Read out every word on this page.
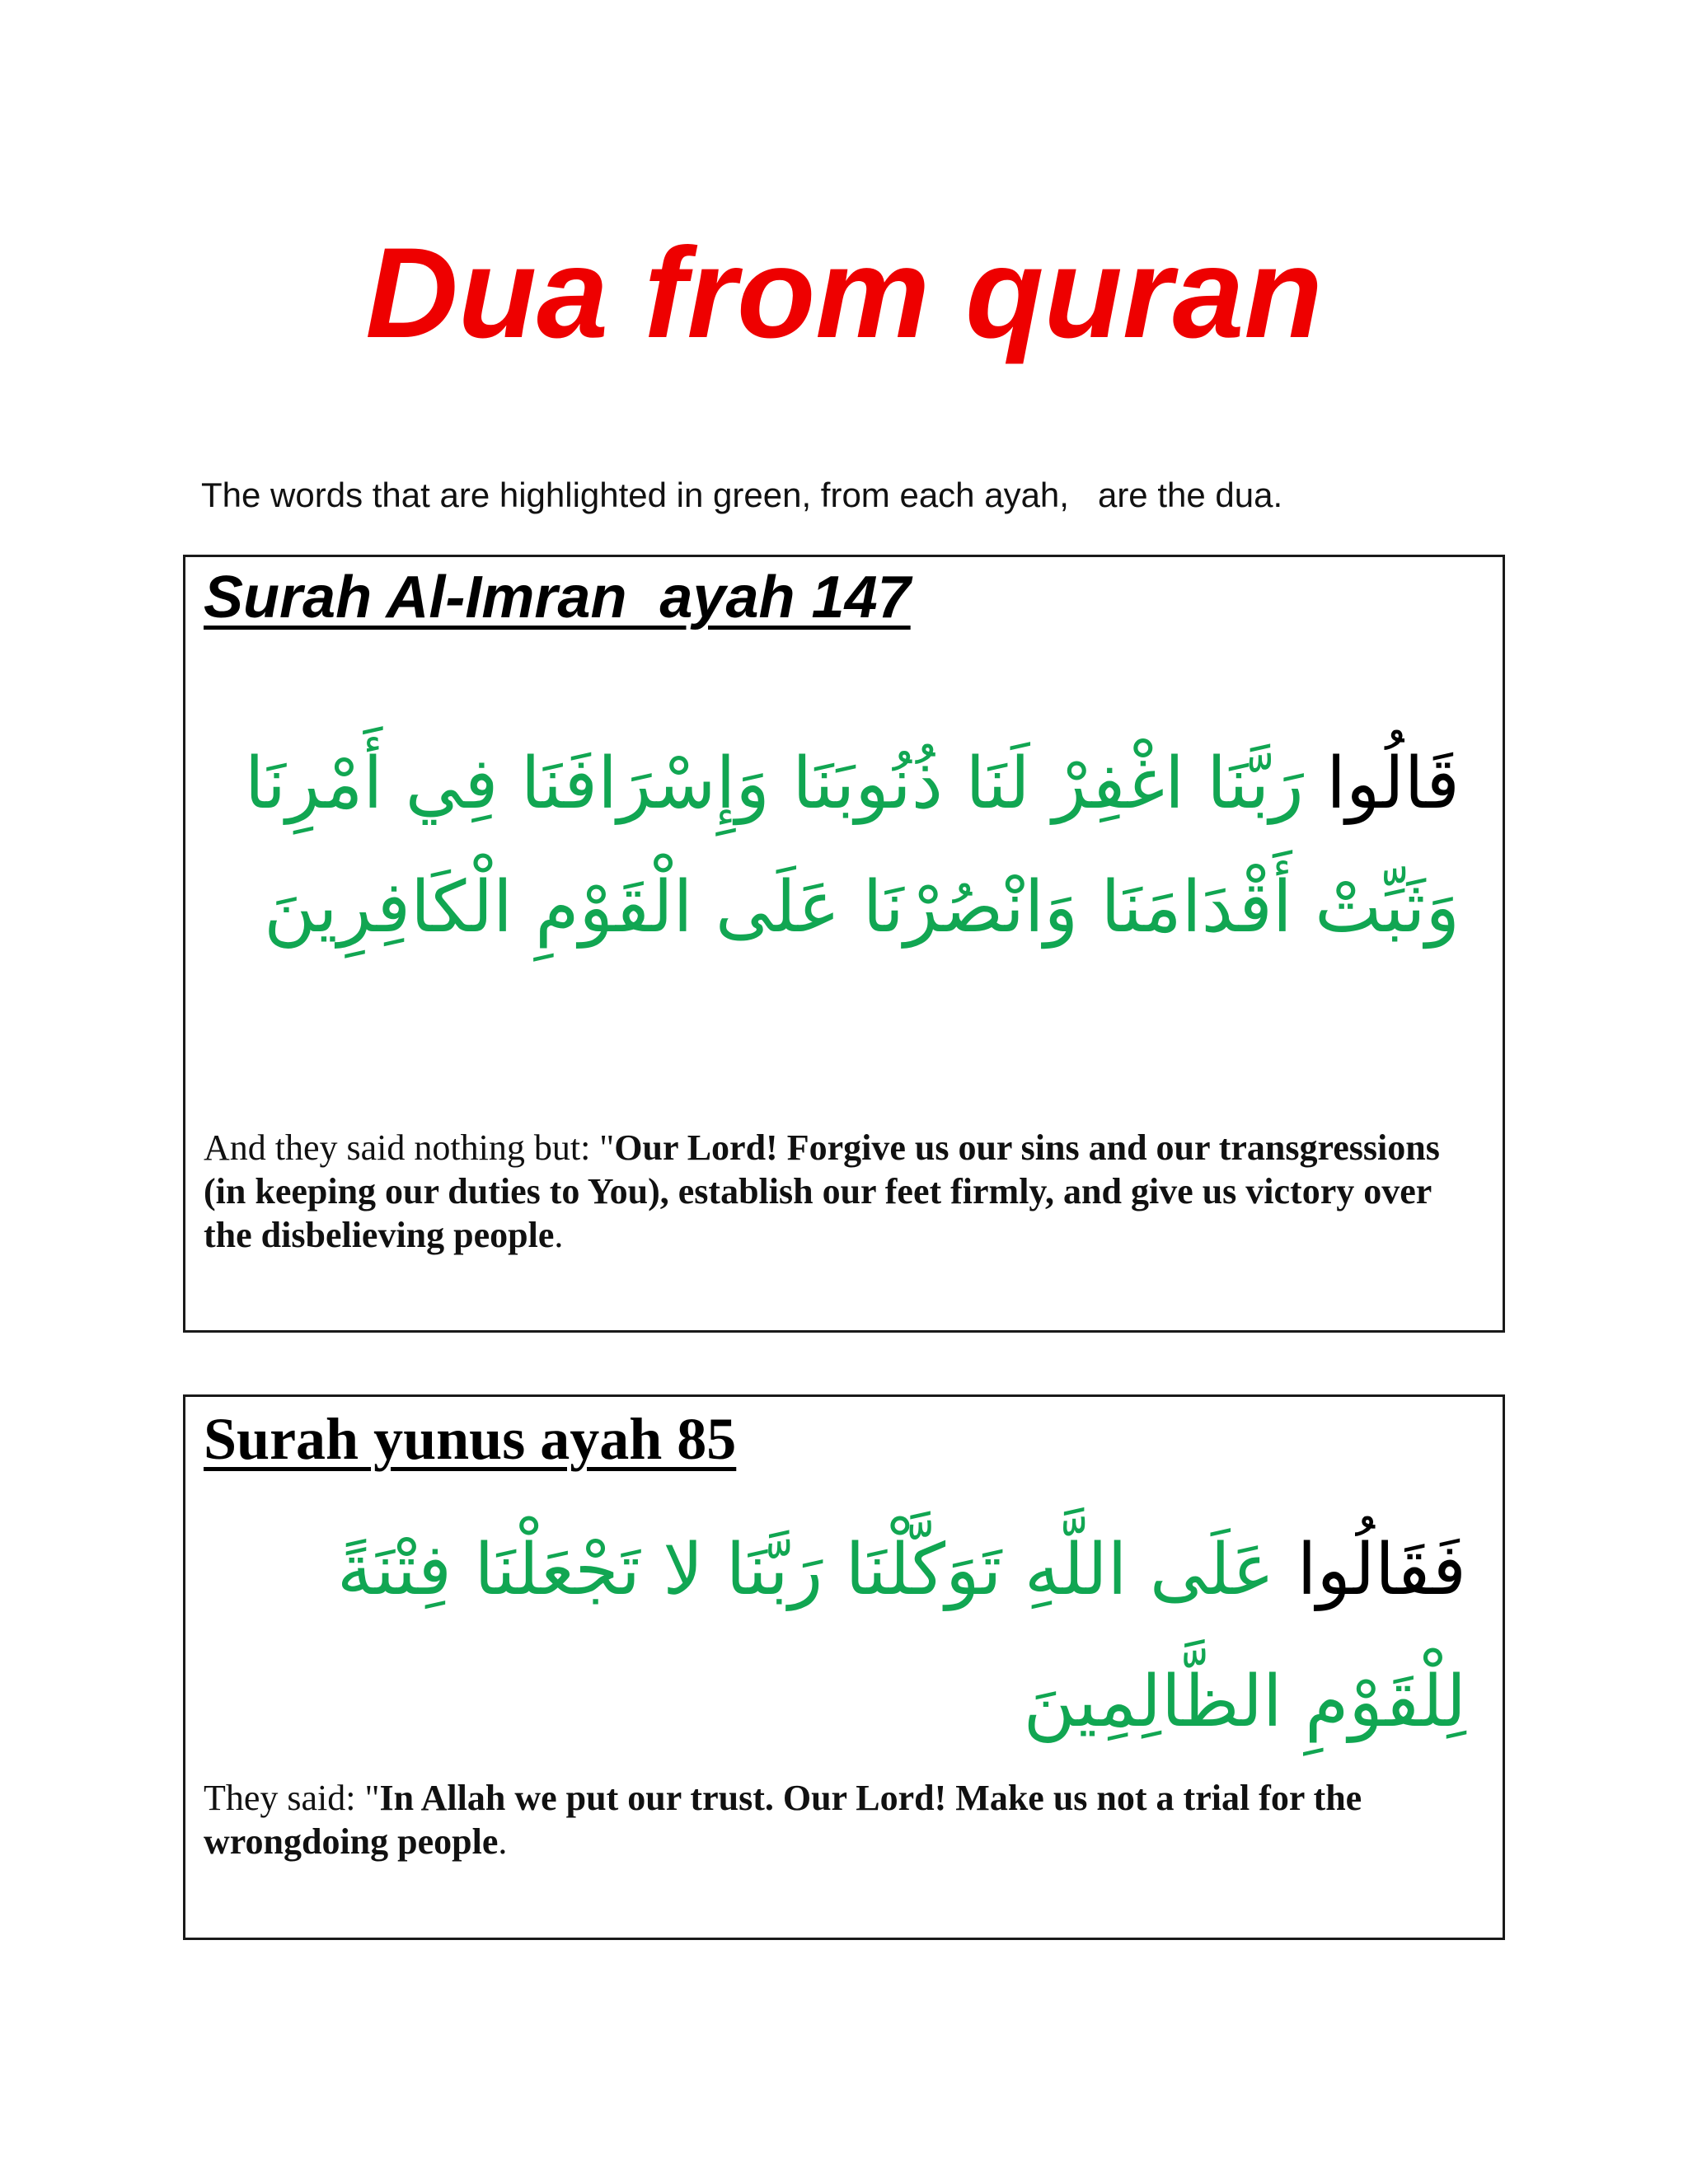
Dua from quran

The words that are highlighted in green, from each ayah,   are the dua.

Surah Al-Imran  ayah 147

قَالُوا رَبَّنَا اغْفِرْ لَنَا ذُنُوبَنَا وَإِسْرَافَنَا فِي أَمْرِنَا وَثَبِّتْ أَقْدَامَنَا وَانْصُرْنَا عَلَى الْقَوْمِ الْكَافِرِينَ

And they said nothing but: "Our Lord! Forgive us our sins and our transgressions (in keeping our duties to You), establish our feet firmly, and give us victory over the disbelieving people.

Surah yunus ayah 85

فَقَالُوا عَلَى اللَّهِ تَوَكَّلْنَا رَبَّنَا لا تَجْعَلْنَا فِتْنَةً لِلْقَوْمِ الظَّالِمِينَ

They said: "In Allah we put our trust. Our Lord! Make us not a trial for the wrongdoing people.
